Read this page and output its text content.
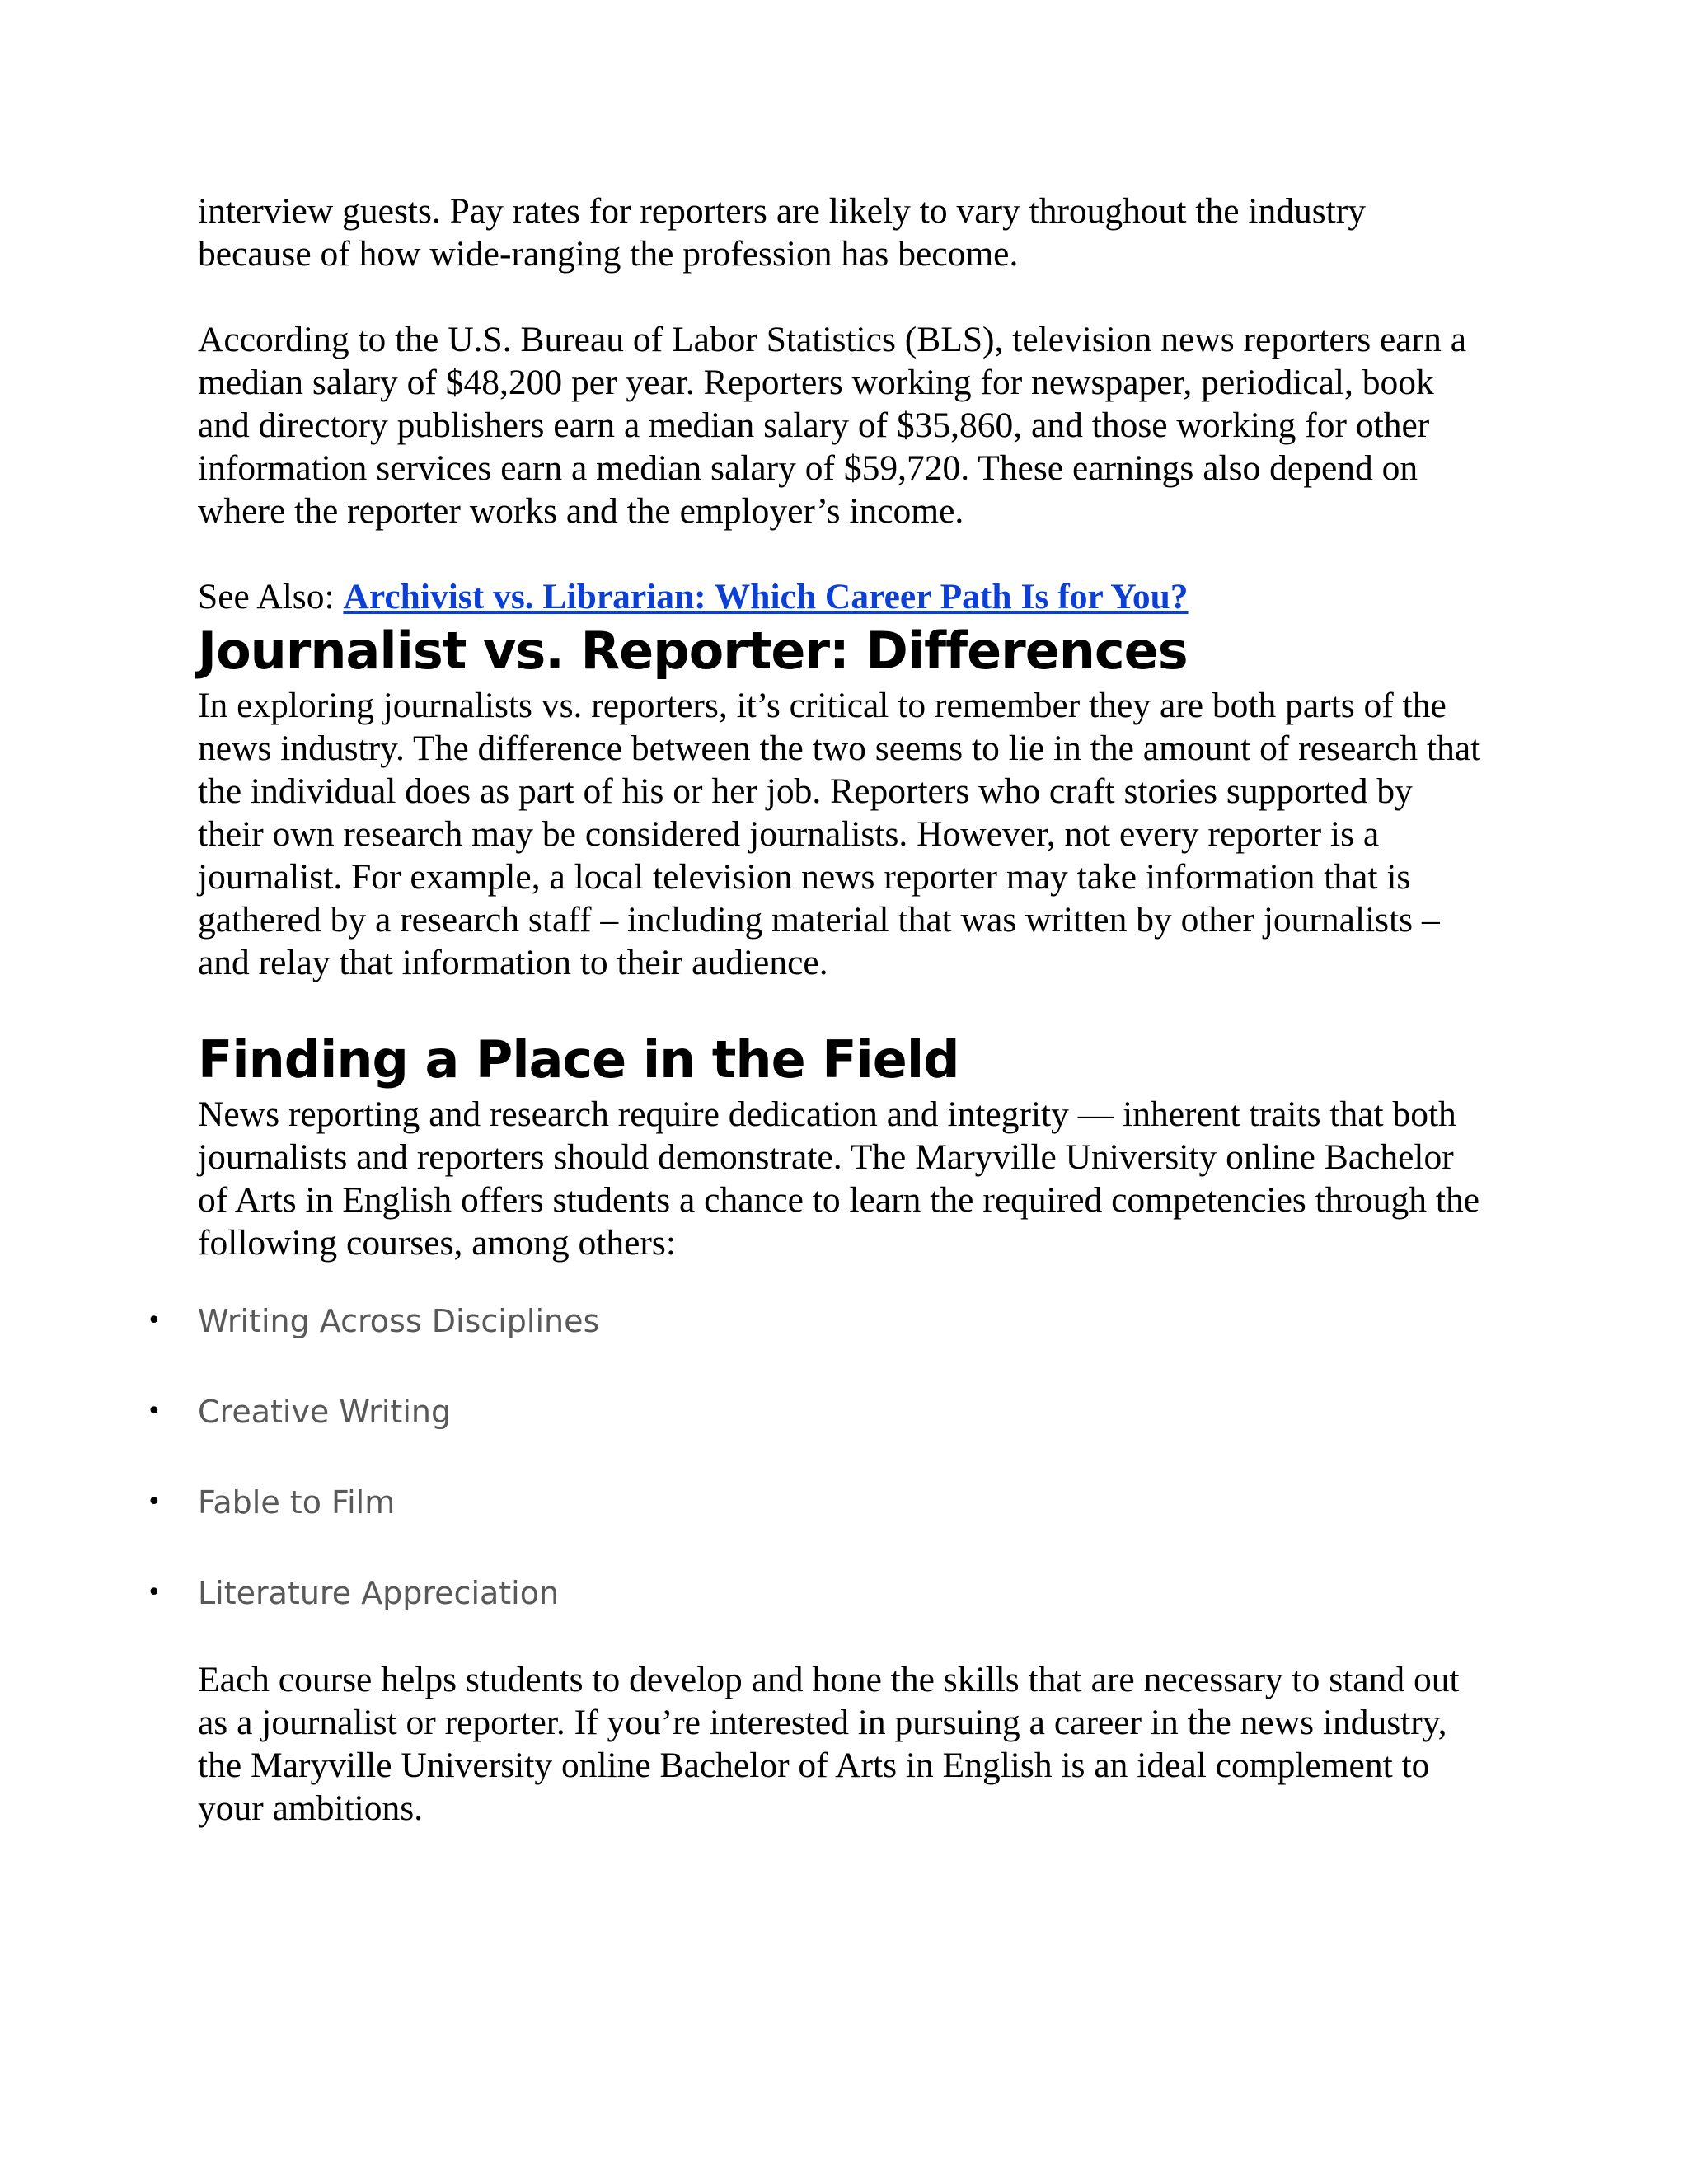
interview guests. Pay rates for reporters are likely to vary throughout the industry because of how wide-ranging the profession has become.

According to the U.S. Bureau of Labor Statistics (BLS), television news reporters earn a median salary of $48,200 per year. Reporters working for newspaper, periodical, book and directory publishers earn a median salary of $35,860, and those working for other information services earn a median salary of $59,720. These earnings also depend on where the reporter works and the employer’s income.

See Also: Archivist vs. Librarian: Which Career Path Is for You?

Journalist vs. Reporter: Differences

In exploring journalists vs. reporters, it’s critical to remember they are both parts of the news industry. The difference between the two seems to lie in the amount of research that the individual does as part of his or her job. Reporters who craft stories supported by their own research may be considered journalists. However, not every reporter is a journalist. For example, a local television news reporter may take information that is gathered by a research staff – including material that was written by other journalists –and relay that information to their audience.

Finding a Place in the Field

News reporting and research require dedication and integrity — inherent traits that both journalists and reporters should demonstrate. The Maryville University online Bachelor of Arts in English offers students a chance to learn the required competencies through the following courses, among others:

• Writing Across Disciplines
• Creative Writing
• Fable to Film
• Literature Appreciation

Each course helps students to develop and hone the skills that are necessary to stand out as a journalist or reporter. If you’re interested in pursuing a career in the news industry, the Maryville University online Bachelor of Arts in English is an ideal complement to your ambitions.
